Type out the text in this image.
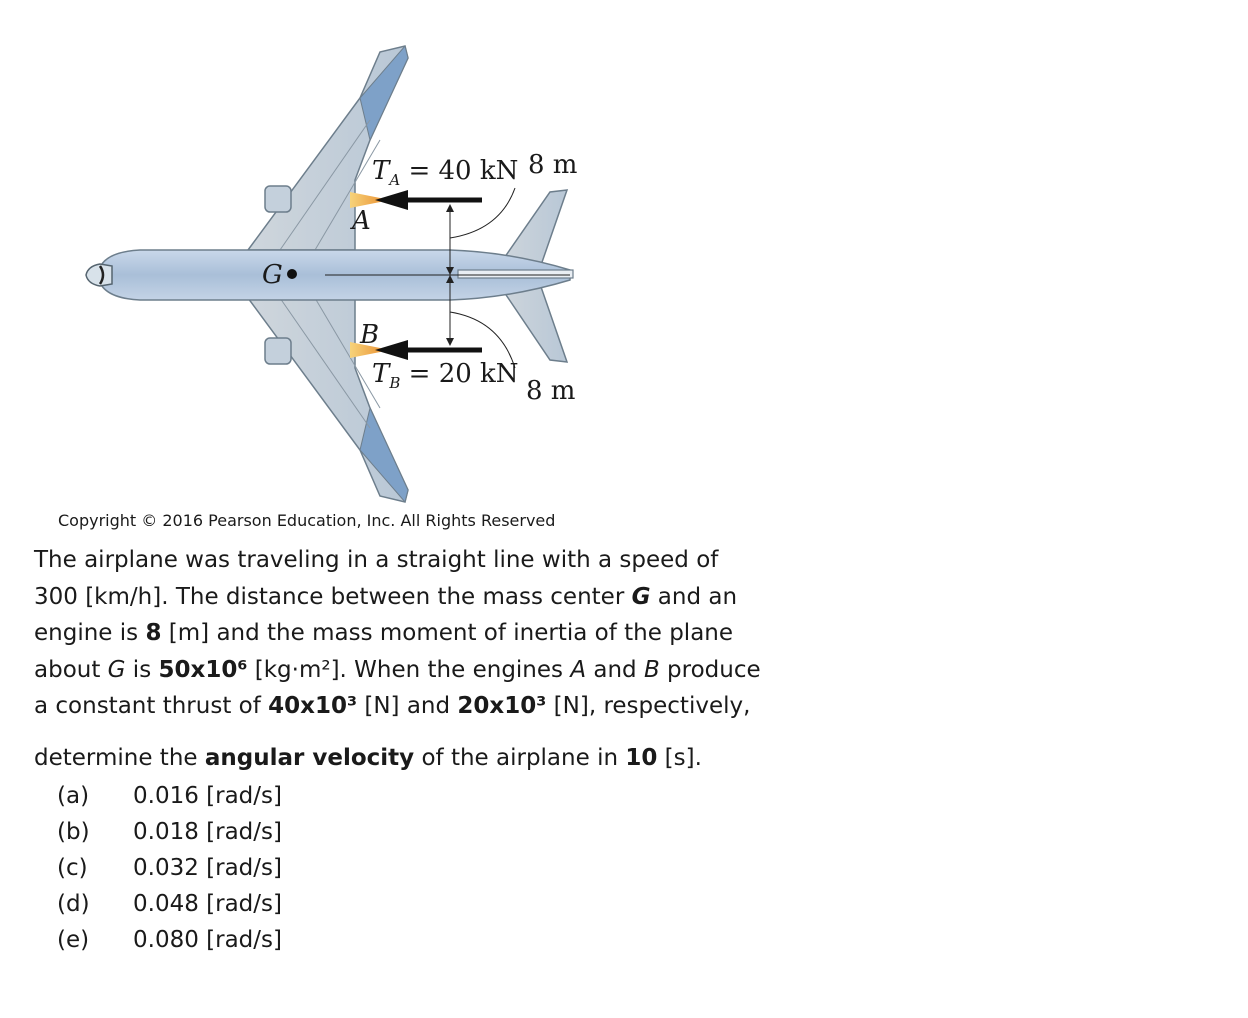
$T_A = 40$ kN 8 m
A
G
B
$T_B = 20$ kN
8 m
Copyright © 2016 Pearson Education, Inc. All Rights Reserved
The airplane was traveling in a straight line with a speed of
300 [km/h]. The distance between the mass center G and an
engine is 8 [m] and the mass moment of inertia of the plane
about G is 50x10⁶ [kg·m²]. When the engines A and B produce
a constant thrust of 40x10³ [N] and 20x10³ [N], respectively,
determine the angular velocity of the airplane in 10 [s].
(a) 0.016 [rad/s]
(b) 0.018 [rad/s]
(c) 0.032 [rad/s]
(d) 0.048 [rad/s]
(e) 0.080 [rad/s]
